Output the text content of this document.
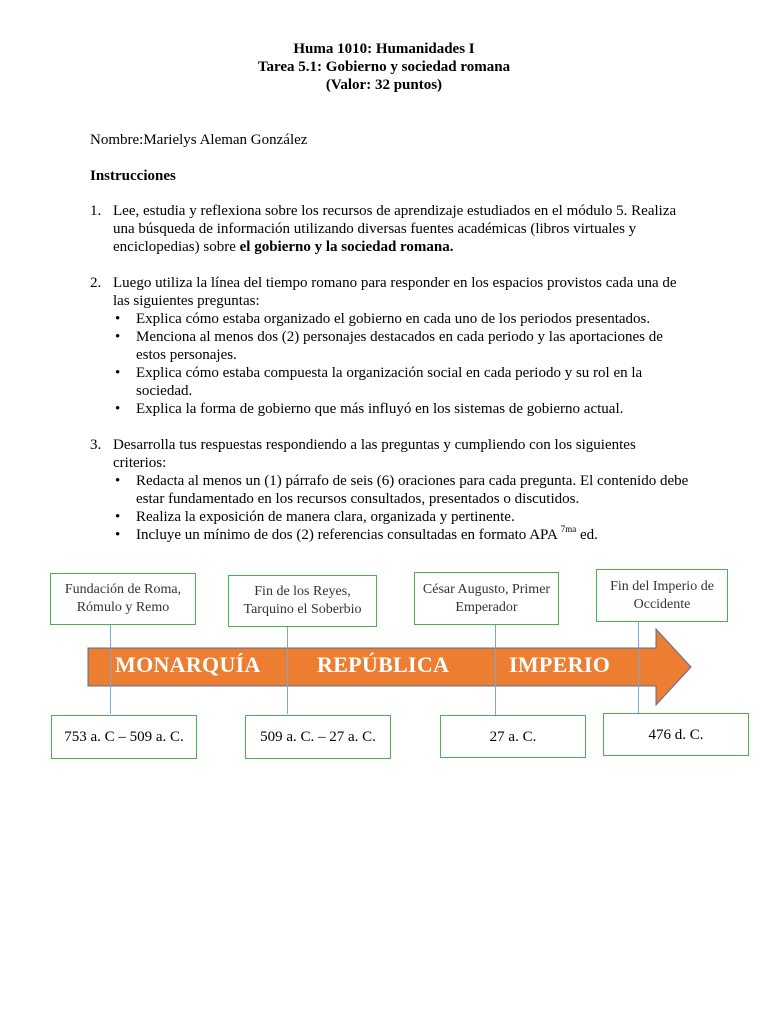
Huma 1010: Humanidades I
Tarea 5.1: Gobierno y sociedad romana
(Valor: 32 puntos)
Nombre:Marielys Aleman González
Instrucciones
1. Lee, estudia y reflexiona sobre los recursos de aprendizaje estudiados en el módulo 5. Realiza una búsqueda de información utilizando diversas fuentes académicas (libros virtuales y enciclopedias) sobre el gobierno y la sociedad romana.
2. Luego utiliza la línea del tiempo romano para responder en los espacios provistos cada una de las siguientes preguntas:
• Explica cómo estaba organizado el gobierno en cada uno de los periodos presentados.
• Menciona al menos dos (2) personajes destacados en cada periodo y las aportaciones de estos personajes.
• Explica cómo estaba compuesta la organización social en cada periodo y su rol en la sociedad.
• Explica la forma de gobierno que más influyó en los sistemas de gobierno actual.
3. Desarrolla tus respuestas respondiendo a las preguntas y cumpliendo con los siguientes criterios:
• Redacta al menos un (1) párrafo de seis (6) oraciones para cada pregunta. El contenido debe estar fundamentado en los recursos consultados, presentados o discutidos.
• Realiza la exposición de manera clara, organizada y pertinente.
• Incluye un mínimo de dos (2) referencias consultadas en formato APA $^{7ma}$ ed.
MONARQUÍA	REPÚBLICA	IMPERIO
Fundación de Roma, Rómulo y Remo
Fin de los Reyes, Tarquino el Soberbio
César Augusto, Primer Emperador
Fin del Imperio de Occidente
753 a. C – 509 a. C.	509 a. C. – 27 a. C.	27 a. C.	476 d. C.
